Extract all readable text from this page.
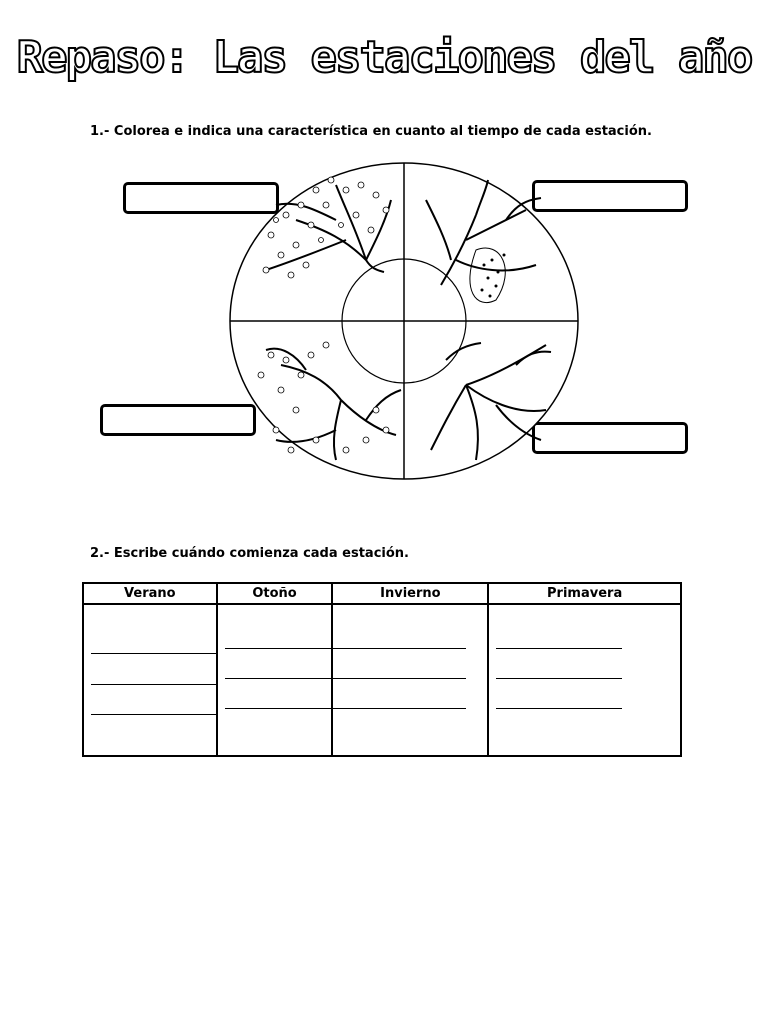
Repaso: Las estaciones del año
1.- Colorea e indica una característica en cuanto al tiempo de cada estación.
2.- Escribe cuándo comienza cada estación.
Verano	Otoño	Invierno	Primavera
